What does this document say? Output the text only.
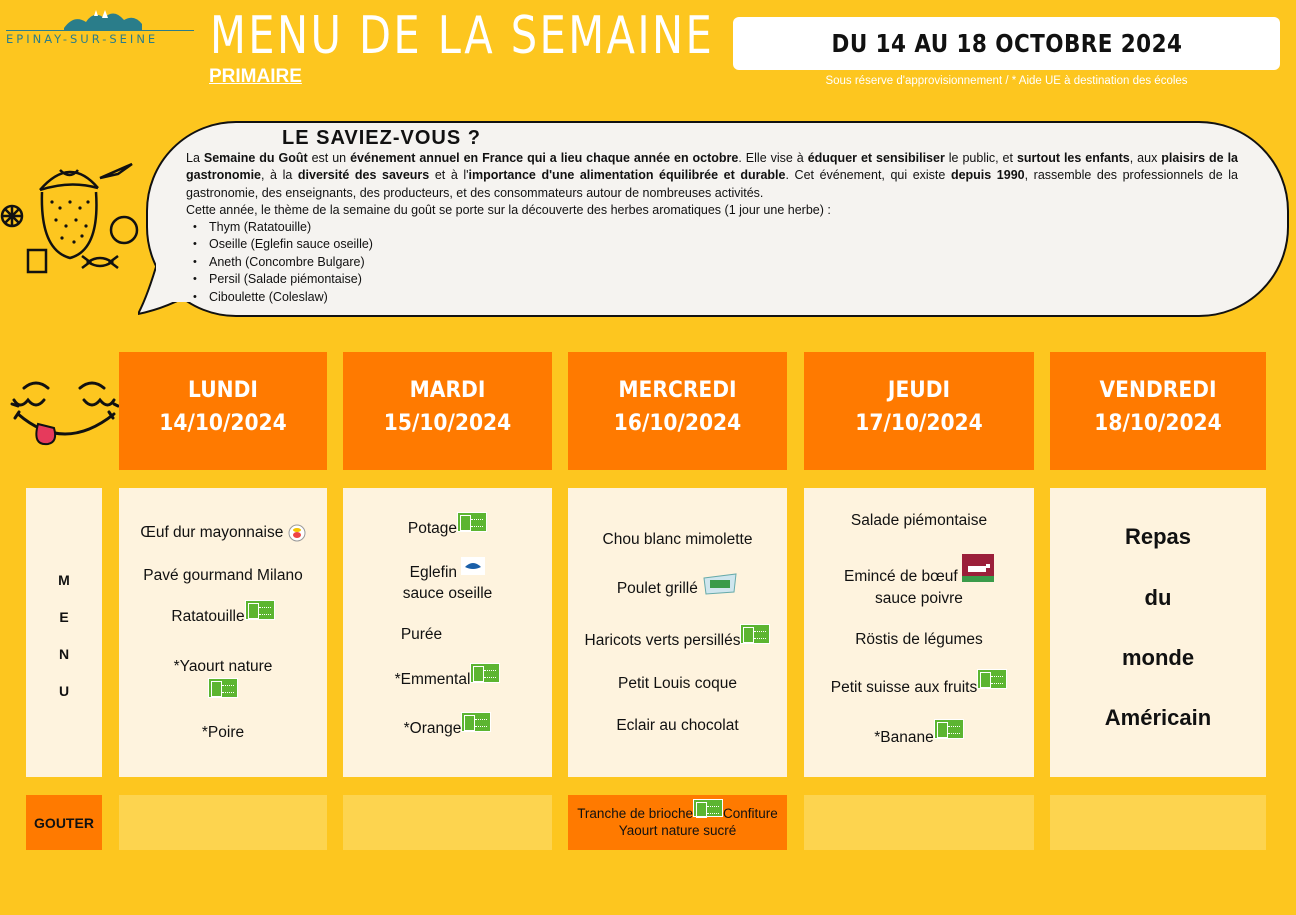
EPINAY-SUR-SEINE MENU DE LA SEMAINE
PRIMAIRE
DU 14 AU 18 OCTOBRE 2024
Sous réserve d'approvisionnement / * Aide UE à destination des écoles
LE SAVIEZ-VOUS ?
La Semaine du Goût est un événement annuel en France qui a lieu chaque année en octobre. Elle vise à éduquer et sensibiliser le public, et surtout les enfants, aux plaisirs de la gastronomie, à la diversité des saveurs et à l'importance d'une alimentation équilibrée et durable. Cet événement, qui existe depuis 1990, rassemble des professionnels de la gastronomie, des enseignants, des producteurs, et des consommateurs autour de nombreuses activités.
Cette année, le thème de la semaine du goût se porte sur la découverte des herbes aromatiques (1 jour une herbe) :
• Thym (Ratatouille)
• Oseille (Eglefin sauce oseille)
• Aneth (Concombre Bulgare)
• Persil (Salade piémontaise)
• Ciboulette (Coleslaw)
M
E
N
U
GOUTER
LUNDI
14/10/2024
MARDI
15/10/2024
MERCREDI
16/10/2024
JEUDI
17/10/2024
VENDREDI
18/10/2024
Œuf dur mayonnaise
Pavé gourmand Milano
Ratatouille
*Yaourt nature
*Poire
Potage
Eglefin
sauce oseille
Purée
*Emmental
*Orange
Chou blanc mimolette
Poulet grillé
Haricots verts persillés
Petit Louis coque
Eclair au chocolat
Salade piémontaise
Emincé de bœuf
sauce poivre
Röstis de légumes
Petit suisse aux fruits
*Banane
Repas
du
monde
Américain
Tranche de brioche Confiture
Yaourt nature sucré
